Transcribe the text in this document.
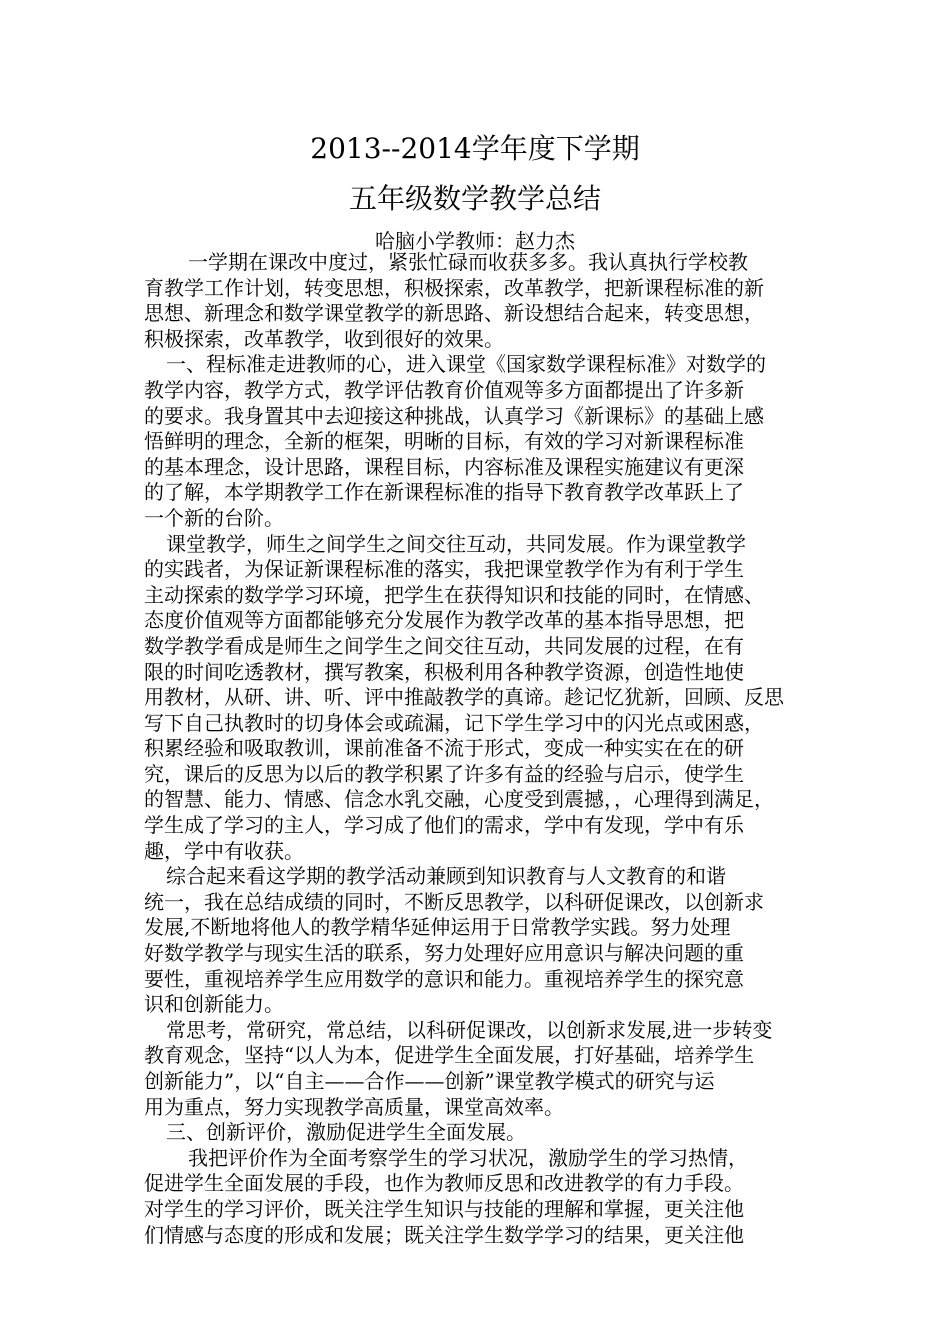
2013--2014学年度下学期
五年级数学教学总结
哈脑小学教师：赵力杰
一学期在课改中度过，紧张忙碌而收获多多。我认真执行学校教
育教学工作计划，转变思想，积极探索，改革教学，把新课程标准的新
思想、新理念和数学课堂教学的新思路、新设想结合起来，转变思想，
积极探索，改革教学，收到很好的效果。
一、程标准走进教师的心，进入课堂《国家数学课程标准》对数学的
教学内容，教学方式，教学评估教育价值观等多方面都提出了许多新
的要求。我身置其中去迎接这种挑战，认真学习《新课标》的基础上感
悟鲜明的理念，全新的框架，明晰的目标，有效的学习对新课程标准
的基本理念，设计思路，课程目标，内容标准及课程实施建议有更深
的了解，本学期教学工作在新课程标准的指导下教育教学改革跃上了
一个新的台阶。
课堂教学，师生之间学生之间交往互动，共同发展。作为课堂教学
的实践者，为保证新课程标准的落实，我把课堂教学作为有利于学生
主动探索的数学学习环境，把学生在获得知识和技能的同时，在情感、
态度价值观等方面都能够充分发展作为教学改革的基本指导思想，把
数学教学看成是师生之间学生之间交往互动，共同发展的过程，在有
限的时间吃透教材，撰写教案，积极利用各种教学资源，创造性地使
用教材，从研、讲、听、评中推敲教学的真谛。趁记忆犹新，回顾、反思
写下自己执教时的切身体会或疏漏，记下学生学习中的闪光点或困惑，
积累经验和吸取教训，课前准备不流于形式，变成一种实实在在的研
究，课后的反思为以后的教学积累了许多有益的经验与启示，使学生
的智慧、能力、情感、信念水乳交融，心度受到震撼，，心理得到满足，
学生成了学习的主人，学习成了他们的需求，学中有发现，学中有乐
趣，学中有收获。
综合起来看这学期的教学活动兼顾到知识教育与人文教育的和谐
统一，我在总结成绩的同时，不断反思教学，以科研促课改，以创新求
发展,不断地将他人的教学精华延伸运用于日常教学实践。努力处理
好数学教学与现实生活的联系，努力处理好应用意识与解决问题的重
要性，重视培养学生应用数学的意识和能力。重视培养学生的探究意
识和创新能力。
常思考，常研究，常总结，以科研促课改，以创新求发展,进一步转变
教育观念，坚持“以人为本，促进学生全面发展，打好基础，培养学生
创新能力”，以“自主——合作——创新”课堂教学模式的研究与运
用为重点，努力实现教学高质量，课堂高效率。
三、创新评价，激励促进学生全面发展。
我把评价作为全面考察学生的学习状况，激励学生的学习热情，
促进学生全面发展的手段，也作为教师反思和改进教学的有力手段。
对学生的学习评价，既关注学生知识与技能的理解和掌握，更关注他
们情感与态度的形成和发展；既关注学生数学学习的结果，更关注他
